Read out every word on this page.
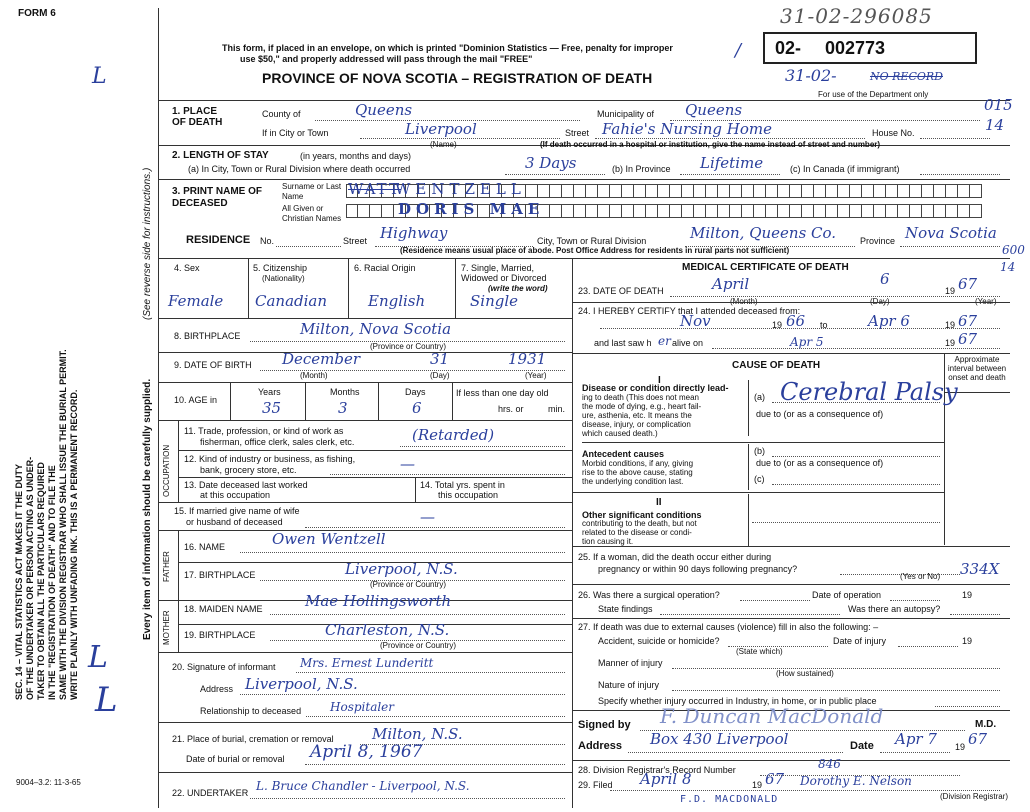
FORM 6	31-02-296085
02- 002773
31-02-	NO RECORD
For use of the Department only
This form, if placed in an envelope, on which is printed "Dominion Statistics — Free, penalty for improper
use $50," and properly addressed will pass through the mail "FREE"	/
PROVINCE OF NOVA SCOTIA – REGISTRATION OF DEATH
L
L
L
SEC. 14 – VITAL STATISTICS ACT MAKES IT THE DUTY OF THE UNDERTAKER OR PERSON ACTING AS UNDER- TAKER TO OBTAIN ALL THE PARTICULARS REQUIRED IN THE "REGISTRATION OF DEATH" AND TO FILE THE SAME WITH THE DIVISION REGISTRAR WHO SHALL ISSUE THE BURIAL PERMIT. WRITE PLAINLY WITH UNFADING INK. THIS IS A PERMANENT RECORD.
(See reverse side for instructions.)
Every item of information should be carefully supplied.
1. PLACE OF DEATH
County of	Queens	Municipality of Queens	015
If in City or Town	Liverpool
(Name)
Street Fahie's Nursing Home	House No.	14
(If death occurred in a hospital or institution, give the name instead of street and number)
2. LENGTH OF STAY	(in years, months and days)
(a) In City, Town or Rural Division where death occurred	3 Days	(b) In Province Lifetime	(c) In Canada (if immigrant)
3. PRINT NAME OF DECEASED
Surname or Last Name	WATT
WENTZELL
All Given or Christian Names
DORIS MAE
RESIDENCE No.	Street Highway	City, Town or Rural Division	Milton, Queens Co.	Province Nova Scotia
600
(Residence means usual place of abode. Post Office Address for residents in rural parts not sufficient)
4. Sex
Female
5. Citizenship
(Nationality)
Canadian
6. Racial Origin
English
7. Single, Married, Widowed or Divorced
(write the word)
Single
8. BIRTHPLACE	Milton, Nova Scotia
(Province or Country)
9. DATE OF BIRTH December	31	1931
(Month)	(Day)	(Year)
10. AGE in
Years	Months	Days
35	3	6
If less than one day old
hrs. or	min.
OCCUPATION
11. Trade, profession, or kind of work as
fisherman, office clerk, sales clerk, etc.	(Retarded)
12. Kind of industry or business, as fishing,
bank, grocery store, etc.	—
13. Date deceased last worked
at this occupation
14. Total yrs. spent in
this occupation
15. If married give name of wife
or husband of deceased	—
FATHER
16. NAME	Owen Wentzell
17. BIRTHPLACE	Liverpool, N.S.
(Province or Country)
MOTHER
18. MAIDEN NAME	Mae Hollingsworth
19. BIRTHPLACE	Charleston, N.S.
(Province or Country)
20. Signature of informant Mrs. Ernest Lunderitt
Address Liverpool, N.S.
Relationship to deceased Hospitaler
21. Place of burial, cremation or removal	Milton, N.S.
Date of burial or removal April 8, 1967
22. UNDERTAKER L. Bruce Chandler - Liverpool, N.S.
9004–3.2: 11-3-65
MEDICAL CERTIFICATE OF DEATH	14
23. DATE OF DEATH	April	6
19 67
(Month)	(Day)	(Year)
24. I HEREBY CERTIFY that I attended deceased from:
Nov	19 66 to	Apr 6	19 67
and last saw h er alive on	Apr 5	19 67
CAUSE OF DEATH
Approximate interval between onset and death
I
Disease or condition directly lead-
ing to death (This does not mean
the mode of dying, e.g., heart fail-
ure, asthenia, etc. It means the
disease, injury, or complication
which caused death.)
(a) Cerebral Palsy
due to (or as a consequence of)
Antecedent causes
Morbid conditions, if any, giving
rise to the above cause, stating
the underlying condition last.
(b)
due to (or as a consequence of)
(c)
II
Other significant conditions
contributing to the death, but not
related to the disease or condi-
tion causing it.
25. If a woman, did the death occur either during
pregnancy or within 90 days following pregnancy?
(Yes or No) 334X
26. Was there a surgical operation?	Date of operation	19
State findings	Was there an autopsy?
27. If death was due to external causes (violence) fill in also the following: –
Accident, suicide or homicide?	Date of injury	19
(State which)
Manner of injury
(How sustained)
Nature of injury
Specify whether injury occurred in Industry, in home, or in public place
Signed by F. Duncan MacDonald	M.D.
Address Box 430 Liverpool	Date Apr 7 19 67
28. Division Registrar's Record Number	846
29. Filed April 8	19 67 Dorothy E. Nelson
(Division Registrar)
F.D. MACDONALD
